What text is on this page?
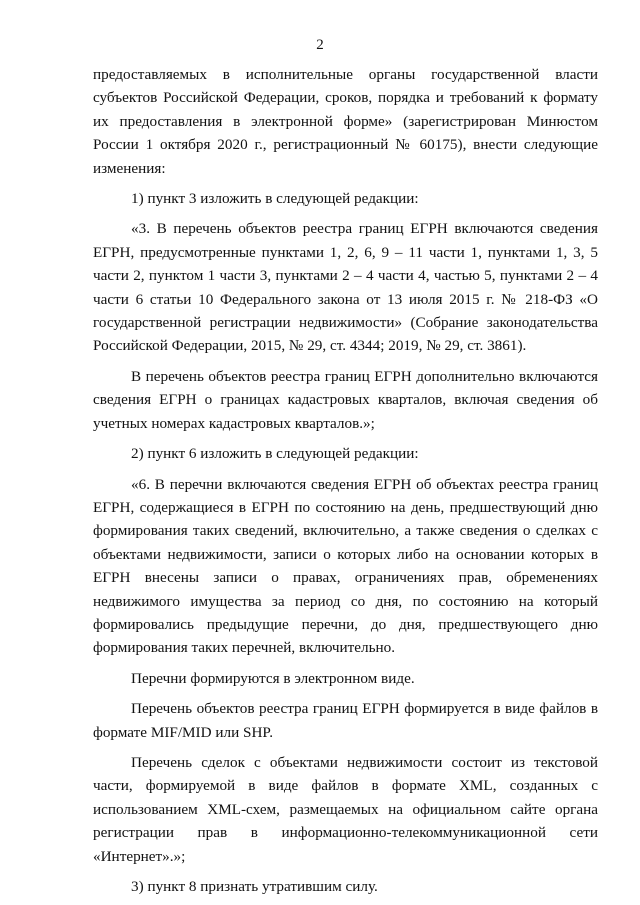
2

предоставляемых в исполнительные органы государственной власти субъектов Российской Федерации, сроков, порядка и требований к формату их предоставления в электронной форме» (зарегистрирован Минюстом России 1 октября 2020 г., регистрационный № 60175), внести следующие изменения:

1) пункт 3 изложить в следующей редакции:

«3. В перечень объектов реестра границ ЕГРН включаются сведения ЕГРН, предусмотренные пунктами 1, 2, 6, 9 – 11 части 1, пунктами 1, 3, 5 части 2, пунктом 1 части 3, пунктами 2 – 4 части 4, частью 5, пунктами 2 – 4 части 6 статьи 10 Федерального закона от 13 июля 2015 г. № 218-ФЗ «О государственной регистрации недвижимости» (Собрание законодательства Российской Федерации, 2015, № 29, ст. 4344; 2019, № 29, ст. 3861).

В перечень объектов реестра границ ЕГРН дополнительно включаются сведения ЕГРН о границах кадастровых кварталов, включая сведения об учетных номерах кадастровых кварталов.»;

2) пункт 6 изложить в следующей редакции:

«6. В перечни включаются сведения ЕГРН об объектах реестра границ ЕГРН, содержащиеся в ЕГРН по состоянию на день, предшествующий дню формирования таких сведений, включительно, а также сведения о сделках с объектами недвижимости, записи о которых либо на основании которых в ЕГРН внесены записи о правах, ограничениях прав, обременениях недвижимого имущества за период со дня, по состоянию на который формировались предыдущие перечни, до дня, предшествующего дню формирования таких перечней, включительно.

Перечни формируются в электронном виде.

Перечень объектов реестра границ ЕГРН формируется в виде файлов в формате MIF/MID или SHP.

Перечень сделок с объектами недвижимости состоит из текстовой части, формируемой в виде файлов в формате XML, созданных с использованием XML-схем, размещаемых на официальном сайте органа регистрации прав в информационно-телекоммуникационной сети «Интернет».»;

3) пункт 8 признать утратившим силу.
